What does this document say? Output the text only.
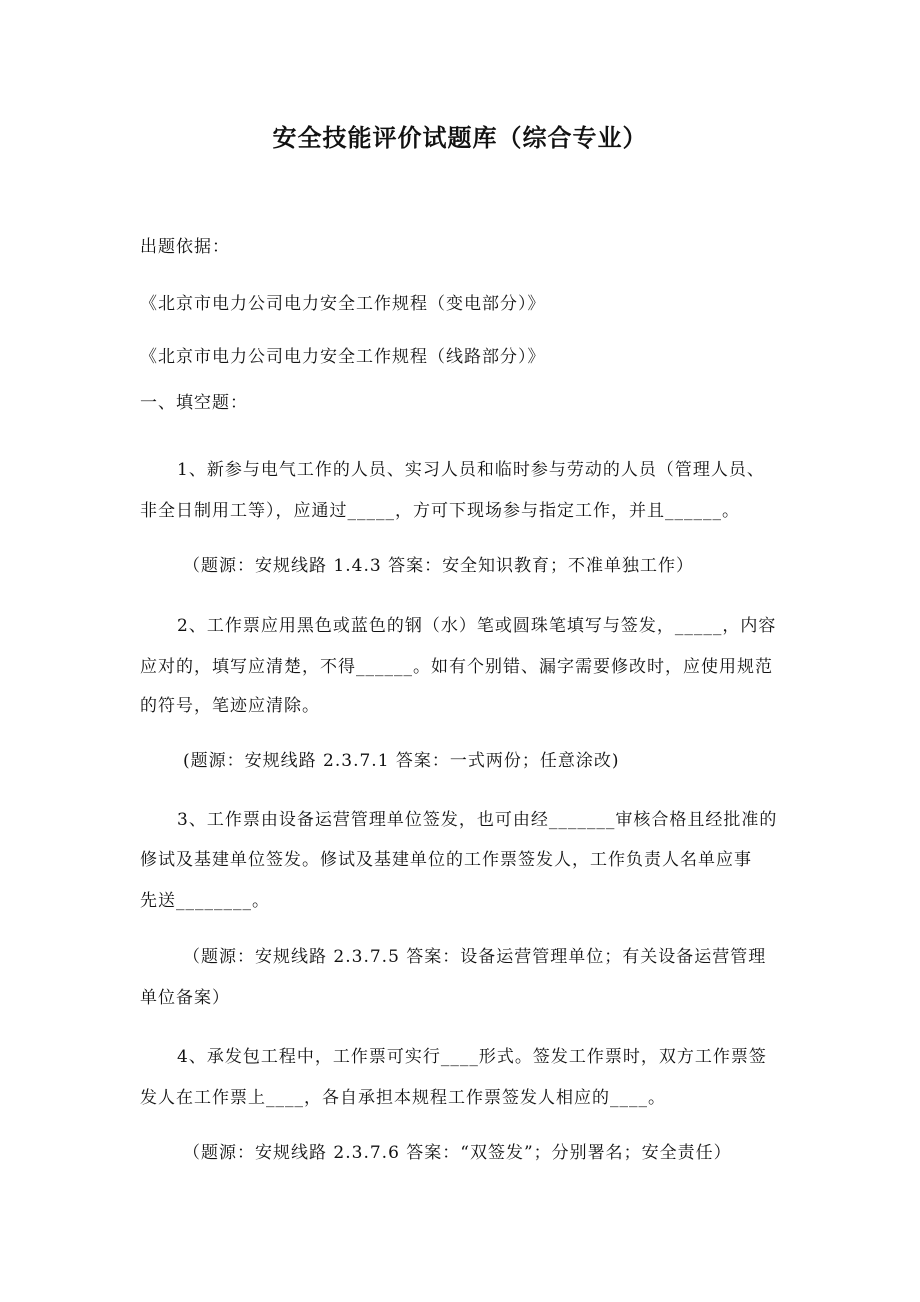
安全技能评价试题库（综合专业）
出题依据：
《北京市电力公司电力安全工作规程（变电部分）》
《北京市电力公司电力安全工作规程（线路部分）》
一、填空题：
1、新参与电气工作的人员、实习人员和临时参与劳动的人员（管理人员、
非全日制用工等），应通过_____，方可下现场参与指定工作，并且______。
（题源：安规线路 1.4.3 答案：安全知识教育；不准单独工作）
2、工作票应用黑色或蓝色的钢（水）笔或圆珠笔填写与签发，_____，内容
应对的，填写应清楚，不得______。如有个别错、漏字需要修改时，应使用规范
的符号，笔迹应清除。
(题源：安规线路 2.3.7.1 答案：一式两份；任意涂改)
3、工作票由设备运营管理单位签发，也可由经_______审核合格且经批准的
修试及基建单位签发。修试及基建单位的工作票签发人，工作负责人名单应事
先送________。
（题源：安规线路 2.3.7.5 答案：设备运营管理单位；有关设备运营管理
单位备案）
4、承发包工程中，工作票可实行____形式。签发工作票时，双方工作票签
发人在工作票上____，各自承担本规程工作票签发人相应的____。
（题源：安规线路 2.3.7.6 答案：“双签发”；分别署名；安全责任）
